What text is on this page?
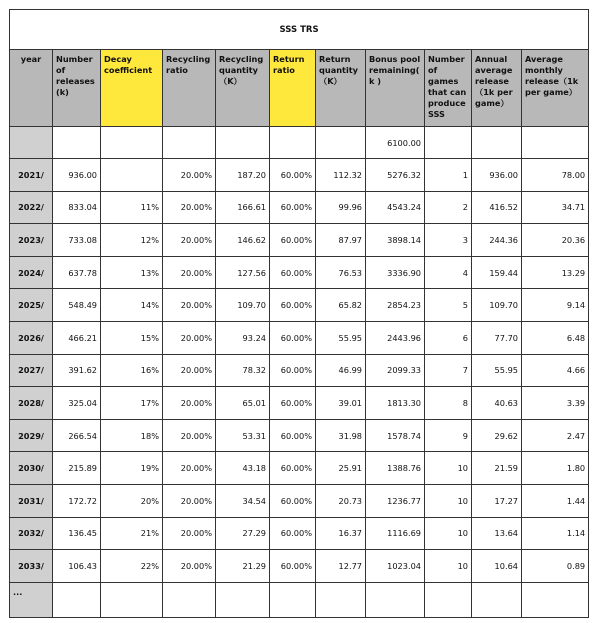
SSS TRS										
year	Number of releases (k)	Decay coefficient	Recycling ratio	Recycling quantity （K）	Return ratio	Return quantity （K）	Bonus pool remaining( k )	Number of games that can produce SSS	Annual average release （1k per game）	Average monthly release（1k per game）
							6100.00			
2021/	936.00		20.00%	187.20	60.00%	112.32	5276.32	1	936.00	78.00
2022/	833.04	11%	20.00%	166.61	60.00%	99.96	4543.24	2	416.52	34.71
2023/	733.08	12%	20.00%	146.62	60.00%	87.97	3898.14	3	244.36	20.36
2024/	637.78	13%	20.00%	127.56	60.00%	76.53	3336.90	4	159.44	13.29
2025/	548.49	14%	20.00%	109.70	60.00%	65.82	2854.23	5	109.70	9.14
2026/	466.21	15%	20.00%	93.24	60.00%	55.95	2443.96	6	77.70	6.48
2027/	391.62	16%	20.00%	78.32	60.00%	46.99	2099.33	7	55.95	4.66
2028/	325.04	17%	20.00%	65.01	60.00%	39.01	1813.30	8	40.63	3.39
2029/	266.54	18%	20.00%	53.31	60.00%	31.98	1578.74	9	29.62	2.47
2030/	215.89	19%	20.00%	43.18	60.00%	25.91	1388.76	10	21.59	1.80
2031/	172.72	20%	20.00%	34.54	60.00%	20.73	1236.77	10	17.27	1.44
2032/	136.45	21%	20.00%	27.29	60.00%	16.37	1116.69	10	13.64	1.14
2033/	106.43	22%	20.00%	21.29	60.00%	12.77	1023.04	10	10.64	0.89
...										
